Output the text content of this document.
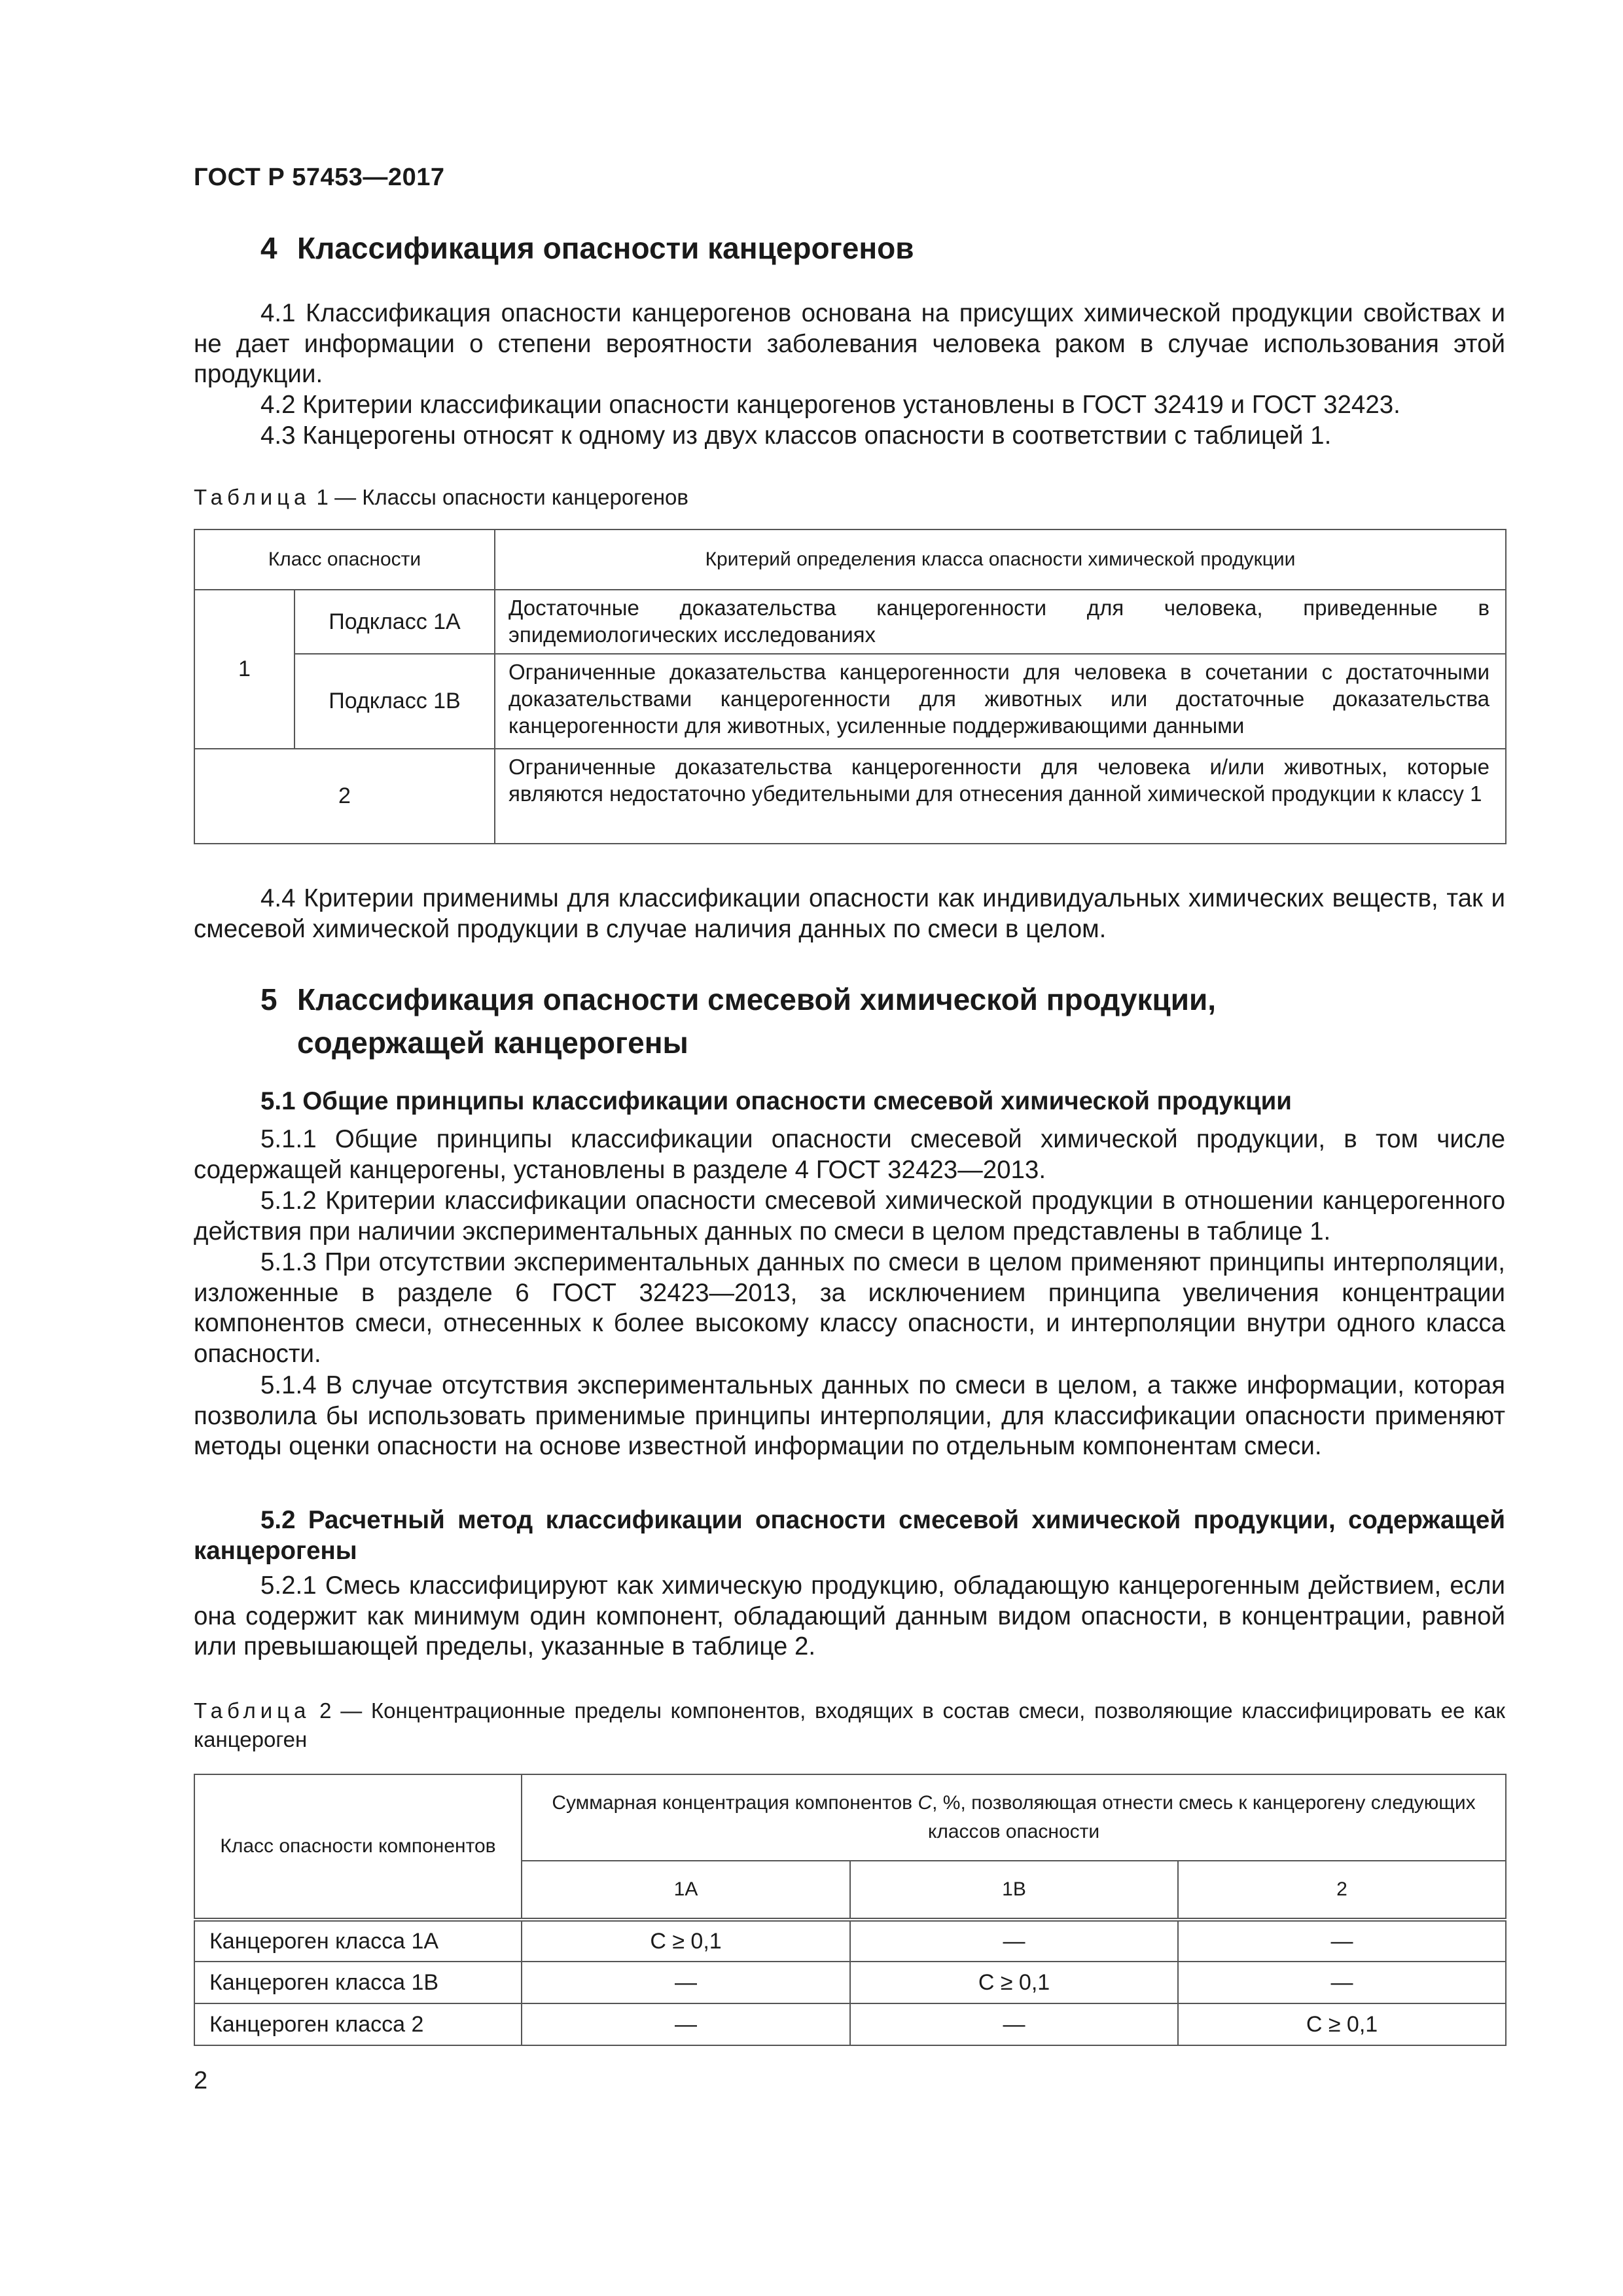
ГОСТ Р 57453—2017
4 Классификация опасности канцерогенов

4.1 Классификация опасности канцерогенов основана на присущих химической продукции свойствах и не дает информации о степени вероятности заболевания человека раком в случае использования этой продукции.

4.2 Критерии классификации опасности канцерогенов установлены в ГОСТ 32419 и ГОСТ 32423.

4.3 Канцерогены относят к одному из двух классов опасности в соответствии с таблицей 1.

Таблица 1 — Классы опасности канцерогенов
Класс опасности		Критерий определения класса опасности химической продукции
1	Подкласс 1A	Достаточные доказательства канцерогенности для человека, приведенные в эпидемиологических исследованиях
	Подкласс 1B	Ограниченные доказательства канцерогенности для человека в сочетании с достаточными доказательствами канцерогенности для животных или достаточные доказательства канцерогенности для животных, усиленные поддерживающими данными
2		Ограниченные доказательства канцерогенности для человека и/или животных, которые являются недостаточно убедительными для отнесения данной химической продукции к классу 1

4.4 Критерии применимы для классификации опасности как индивидуальных химических веществ, так и смесевой химической продукции в случае наличия данных по смеси в целом.

5 Классификация опасности смесевой химической продукции,
содержащей канцерогены

5.1 Общие принципы классификации опасности смесевой химической продукции

5.1.1 Общие принципы классификации опасности смесевой химической продукции, в том числе содержащей канцерогены, установлены в разделе 4 ГОСТ 32423—2013.

5.1.2 Критерии классификации опасности смесевой химической продукции в отношении канцерогенного действия при наличии экспериментальных данных по смеси в целом представлены в таблице 1.

5.1.3 При отсутствии экспериментальных данных по смеси в целом применяют принципы интерполяции, изложенные в разделе 6 ГОСТ 32423—2013, за исключением принципа увеличения концентрации компонентов смеси, отнесенных к более высокому классу опасности, и интерполяции внутри одного класса опасности.

5.1.4 В случае отсутствия экспериментальных данных по смеси в целом, а также информации, которая позволила бы использовать применимые принципы интерполяции, для классификации опасности применяют методы оценки опасности на основе известной информации по отдельным компонентам смеси.

5.2 Расчетный метод классификации опасности смесевой химической продукции, содержащей канцерогены

5.2.1 Смесь классифицируют как химическую продукцию, обладающую канцерогенным действием, если она содержит как минимум один компонент, обладающий данным видом опасности, в концентрации, равной или превышающей пределы, указанные в таблице 2.

Таблица 2 — Концентрационные пределы компонентов, входящих в состав смеси, позволяющие классифицировать ее как канцероген
Класс опасности компонентов	Суммарная концентрация компонентов C, %, позволяющая отнести смесь к канцерогену следующих классов опасности		
	1A	1B	2
Канцероген класса 1A	C ≥ 0,1	—	—
Канцероген класса 1B	—	C ≥ 0,1	—
Канцероген класса 2	—	—	C ≥ 0,1
2
